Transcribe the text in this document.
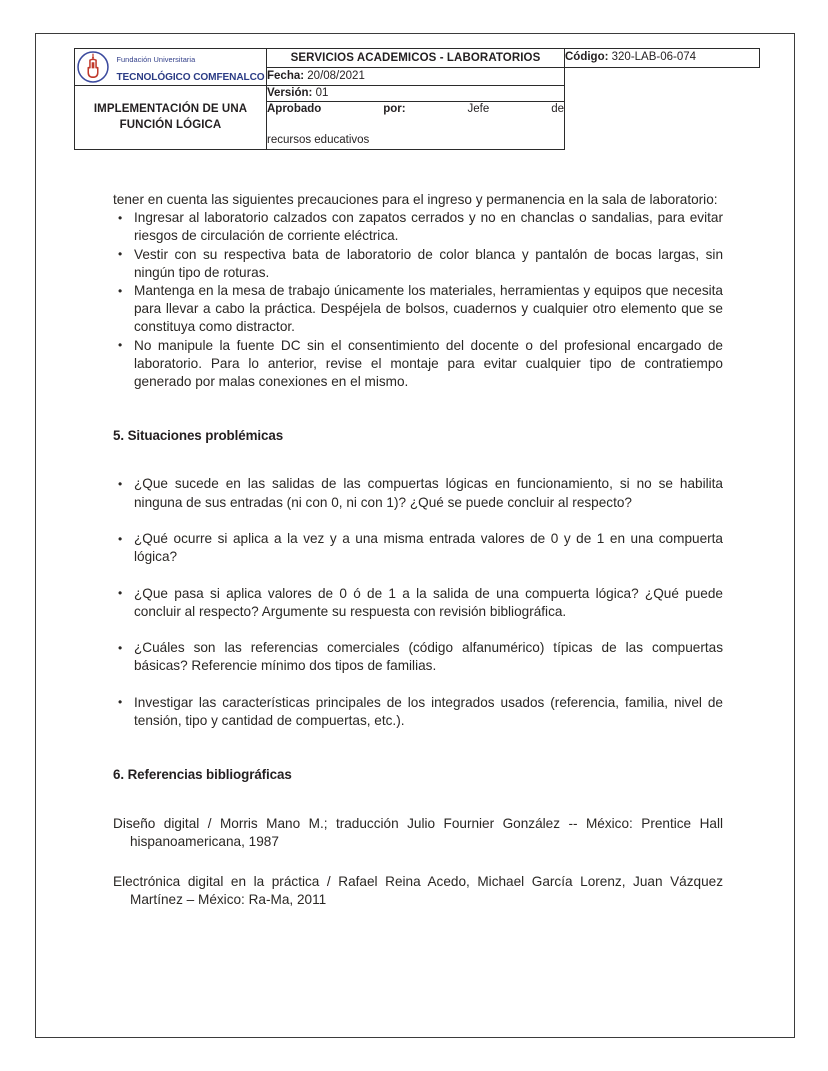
Fundación Universitaria
TECNOLÓGICO COMFENALCO	SERVICIOS ACADEMICOS - LABORATORIOS	Código: 320-LAB-06-074
	Fecha: 20/08/2021	
IMPLEMENTACIÓN DE UNA FUNCIÓN LÓGICA	Versión: 01	

	Aprobado por: Jefe de
recursos educativos	

tener en cuenta las siguientes precauciones para el ingreso y permanencia en la sala de laboratorio:

• Ingresar al laboratorio calzados con zapatos cerrados y no en chanclas o sandalias, para evitar riesgos de circulación de corriente eléctrica.
• Vestir con su respectiva bata de laboratorio de color blanca y pantalón de bocas largas, sin ningún tipo de roturas.
• Mantenga en la mesa de trabajo únicamente los materiales, herramientas y equipos que necesita para llevar a cabo la práctica. Despéjela de bolsos, cuadernos y cualquier otro elemento que se constituya como distractor.
• No manipule la fuente DC sin el consentimiento del docente o del profesional encargado de laboratorio. Para lo anterior, revise el montaje para evitar cualquier tipo de contratiempo generado por malas conexiones en el mismo.
5. Situaciones problémicas
• ¿Que sucede en las salidas de las compuertas lógicas en funcionamiento, si no se habilita ninguna de sus entradas (ni con 0, ni con 1)? ¿Qué se puede concluir al respecto?
• ¿Qué ocurre si aplica a la vez y a una misma entrada valores de 0 y de 1 en una compuerta lógica?
• ¿Que pasa si aplica valores de 0 ó de 1 a la salida de una compuerta lógica? ¿Qué puede concluir al respecto? Argumente su respuesta con revisión bibliográfica.
• ¿Cuáles son las referencias comerciales (código alfanumérico) típicas de las compuertas básicas? Referencie mínimo dos tipos de familias.
• Investigar las características principales de los integrados usados (referencia, familia, nivel de tensión, tipo y cantidad de compuertas, etc.).
6. Referencias bibliográficas

Diseño digital / Morris Mano M.; traducción Julio Fournier González -- México: Prentice Hall hispanoamericana, 1987

Electrónica digital en la práctica / Rafael Reina Acedo, Michael García Lorenz, Juan Vázquez Martínez – México: Ra-Ma, 2011
